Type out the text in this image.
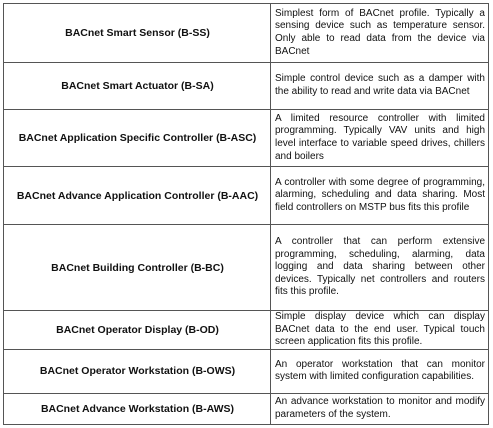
BACnet Smart Sensor (B-SS)	Simplest form of BACnet profile. Typically a sensing device such as temperature sensor. Only able to read data from the device via BACnet
BACnet Smart Actuator (B-SA)	Simple control device such as a damper with the ability to read and write data via BACnet
BACnet Application Specific Controller (B-ASC)	A limited resource controller with limited programming. Typically VAV units and high level interface to variable speed drives, chillers and boilers
BACnet Advance Application Controller (B-AAC)	A controller with some degree of programming, alarming, scheduling and data sharing. Most field controllers on MSTP bus fits this profile
BACnet Building Controller (B-BC)	A controller that can perform extensive programming, scheduling, alarming, data logging and data sharing between other devices. Typically net controllers and routers fits this profile.
BACnet Operator Display (B-OD)	Simple display device which can display BACnet data to the end user. Typical touch screen application fits this profile.
BACnet Operator Workstation (B-OWS)	An operator workstation that can monitor system with limited configuration capabilities.
BACnet Advance Workstation (B-AWS)	An advance workstation to monitor and modify parameters of the system.
